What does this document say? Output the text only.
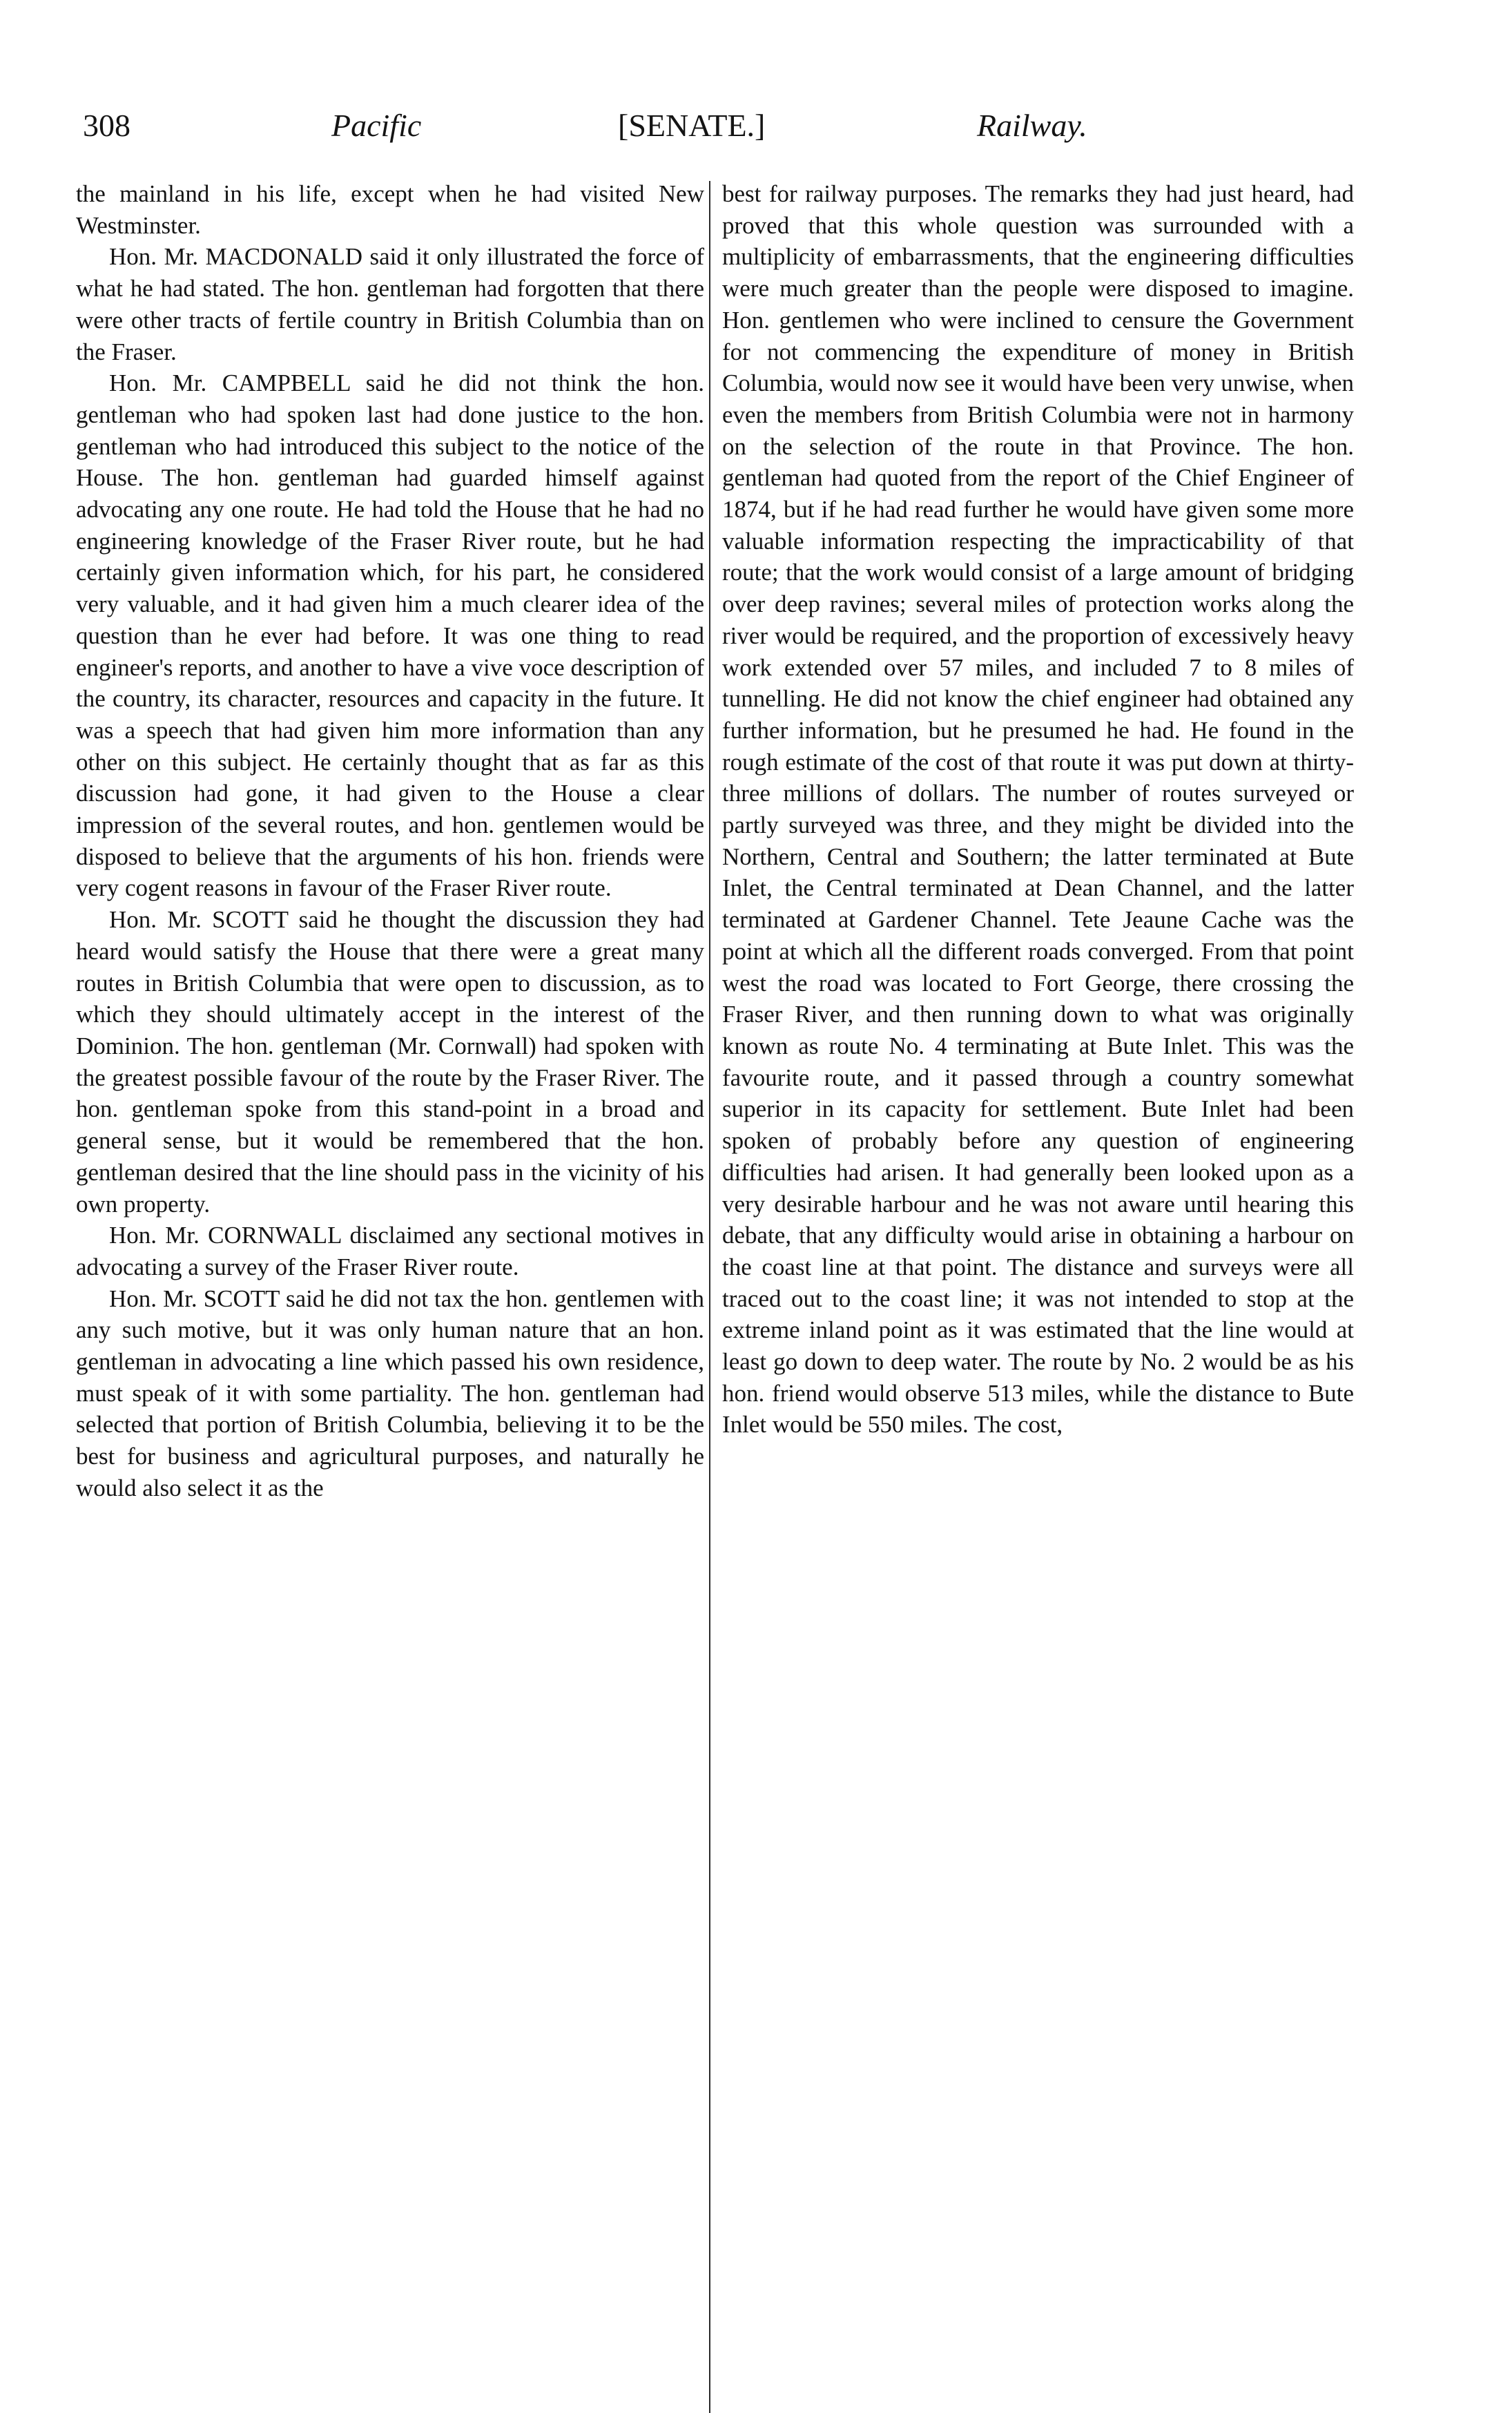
308	Pacific	[SENATE.]	Railway.

the mainland in his life, except when he had visited New Westminster.

Hon. Mr. MACDONALD said it only illustrated the force of what he had stated. The hon. gentleman had forgotten that there were other tracts of fertile country in British Columbia than on the Fraser.

Hon. Mr. CAMPBELL said he did not think the hon. gentleman who had spoken last had done justice to the hon. gentleman who had introduced this subject to the notice of the House. The hon. gentleman had guarded himself against advocating any one route. He had told the House that he had no engineering knowledge of the Fraser River route, but he had certainly given information which, for his part, he considered very valuable, and it had given him a much clearer idea of the question than he ever had before. It was one thing to read engineer's reports, and another to have a vive voce description of the country, its character, resources and capacity in the future. It was a speech that had given him more information than any other on this subject. He certainly thought that as far as this discussion had gone, it had given to the House a clear impression of the several routes, and hon. gentlemen would be disposed to believe that the arguments of his hon. friends were very cogent reasons in favour of the Fraser River route.

Hon. Mr. SCOTT said he thought the discussion they had heard would satisfy the House that there were a great many routes in British Columbia that were open to discussion, as to which they should ultimately accept in the interest of the Dominion. The hon. gentleman (Mr. Cornwall) had spoken with the greatest possible favour of the route by the Fraser River. The hon. gentleman spoke from this stand-point in a broad and general sense, but it would be remembered that the hon. gentleman desired that the line should pass in the vicinity of his own property.

Hon. Mr. CORNWALL disclaimed any sectional motives in advocating a survey of the Fraser River route.

Hon. Mr. SCOTT said he did not tax the hon. gentlemen with any such motive, but it was only human nature that an hon. gentleman in advocating a line which passed his own residence, must speak of it with some partiality. The hon. gentleman had selected that portion of British Columbia, believing it to be the best for business and agricultural purposes, and naturally he would also select it as the

best for railway purposes. The remarks they had just heard, had proved that this whole question was surrounded with a multiplicity of embarrassments, that the engineering difficulties were much greater than the people were disposed to imagine. Hon. gentlemen who were inclined to censure the Government for not commencing the expenditure of money in British Columbia, would now see it would have been very unwise, when even the members from British Columbia were not in harmony on the selection of the route in that Province. The hon. gentleman had quoted from the report of the Chief Engineer of 1874, but if he had read further he would have given some more valuable information respecting the impracticability of that route; that the work would consist of a large amount of bridging over deep ravines; several miles of protection works along the river would be required, and the proportion of excessively heavy work extended over 57 miles, and included 7 to 8 miles of tunnelling. He did not know the chief engineer had obtained any further information, but he presumed he had. He found in the rough estimate of the cost of that route it was put down at thirty-three millions of dollars. The number of routes surveyed or partly surveyed was three, and they might be divided into the Northern, Central and Southern; the latter terminated at Bute Inlet, the Central terminated at Dean Channel, and the latter terminated at Gardener Channel. Tete Jeaune Cache was the point at which all the different roads converged. From that point west the road was located to Fort George, there crossing the Fraser River, and then running down to what was originally known as route No. 4 terminating at Bute Inlet. This was the favourite route, and it passed through a country somewhat superior in its capacity for settlement. Bute Inlet had been spoken of probably before any question of engineering difficulties had arisen. It had generally been looked upon as a very desirable harbour and he was not aware until hearing this debate, that any difficulty would arise in obtaining a harbour on the coast line at that point. The distance and surveys were all traced out to the coast line; it was not intended to stop at the extreme inland point as it was estimated that the line would at least go down to deep water. The route by No. 2 would be as his hon. friend would observe 513 miles, while the distance to Bute Inlet would be 550 miles. The cost,
